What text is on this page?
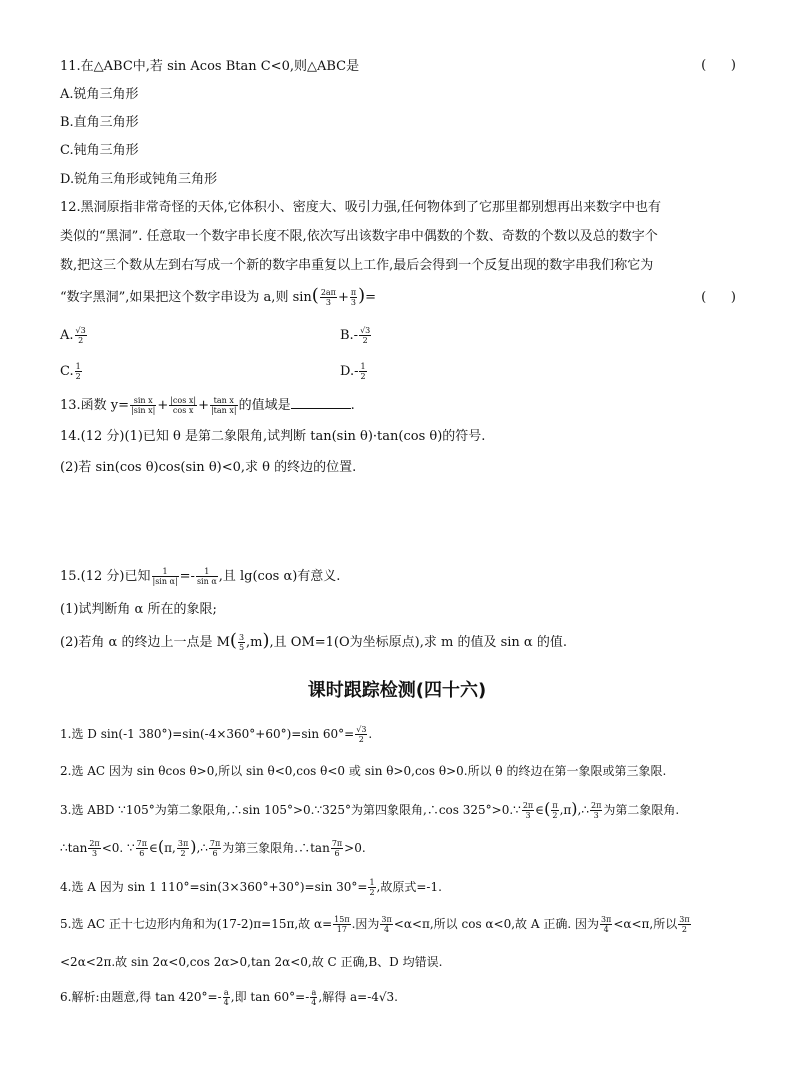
11.在△ABC中,若 sin Acos Btan C<0,则△ABC是	(      )
A.锐角三角形
B.直角三角形
C.钝角三角形
D.锐角三角形或钝角三角形
12.黑洞原指非常奇怪的天体,它体积小、密度大、吸引力强,任何物体到了它那里都别想再出来数字中也有
类似的“黑洞”. 任意取一个数字串长度不限,依次写出该数字串中偶数的个数、奇数的个数以及总的数字个
数,把这三个数从左到右写成一个新的数字串重复以上工作,最后会得到一个反复出现的数字串我们称它为
“数字黑洞”,如果把这个数字串设为 a,则 $\sin( \frac{2a\pi}{3} + \frac{\pi}{3}$ )=	(      )
A. $\frac{√3}{2}$	$B.- \frac{√3}{2}$
C. $\frac{1}{2}$	$D.- \frac{1}{2}$
13.函数 $y= \frac{\text{sin x}}{\text{|sin x|}} + \frac{\text{|cos x|}}{\text{cos x}} + \frac{\text{tan x}}{\text{|tan x|}}$ 的值域是	.
14.(12 分)(1)已知 θ 是第二象限角,试判断 tan(sin θ)·tan(cos θ)的符号.
(2)若 sin(cos θ)cos(sin θ)<0,求 θ 的终边的位置.
15.(12 分)已知 $\frac{1}{\text{|sin α|}} =- \frac{1}{\text{sin α}}$ ,且 lg(cos α)有意义.
(1)试判断角 α 所在的象限;
(2)若角 α 的终边上一点是 $M( \frac{3}{5} ,m)$,且 OM=1(O为坐标原点),求 m 的值及 sin α 的值.
课时跟踪检测(四十六)
1.选 D sin(-1 380°)=sin(-4×360°+60°)=sin $60^\circ= \frac{√3}{2}$ .
2.选 AC 因为 sin θcos θ>0,所以 sin θ<0,cos θ<0 或 sin θ>0,cos θ>0.所以 θ 的终边在第一象限或第三象限.
3.选 ABD ∵105°为第二象限角,∴sin 105°>0.∵325°为第四象限角,∴cos 325°>0.∵ $\frac{2\pi}{3}$ ∈( $\frac{\pi}{2}$ ,π),∴ $\frac{2\pi}{3}$ 为第二象限角.
∴tan $\frac{2\pi}{3} <0$. ∵ $\frac{7\pi}{6}$ ∈(π, $\frac{3\pi}{2}$ ),∴ $\frac{7\pi}{6}$ 为第三象限角.∴tan $\frac{7\pi}{6} >0$.
4.选 A 因为 sin 1 110°=sin(3×360°+30°)=sin $30^\circ= \frac{1}{2}$ ,故原式=-1.
5.选 AC 正十七边形内角和为(17-2)π=15π,故 $\alpha= \frac{15\pi}{17}$ .因为 $\frac{3\pi}{4} <\alpha<\pi$,所以 cos α<0,故 A 正确. 因为 $\frac{3\pi}{4} <\alpha<\pi$,所以 $\frac{3\pi}{2}$
<2α<2π.故 sin 2α<0,cos 2α>0,tan 2α<0,故 C 正确,B、D 均错误.
6.解析:由题意,得 $\tan 420^\circ=- \frac{a}{4}$ ,即 $\tan 60^\circ=- \frac{a}{4}$ ,解得 a=-4√3.
